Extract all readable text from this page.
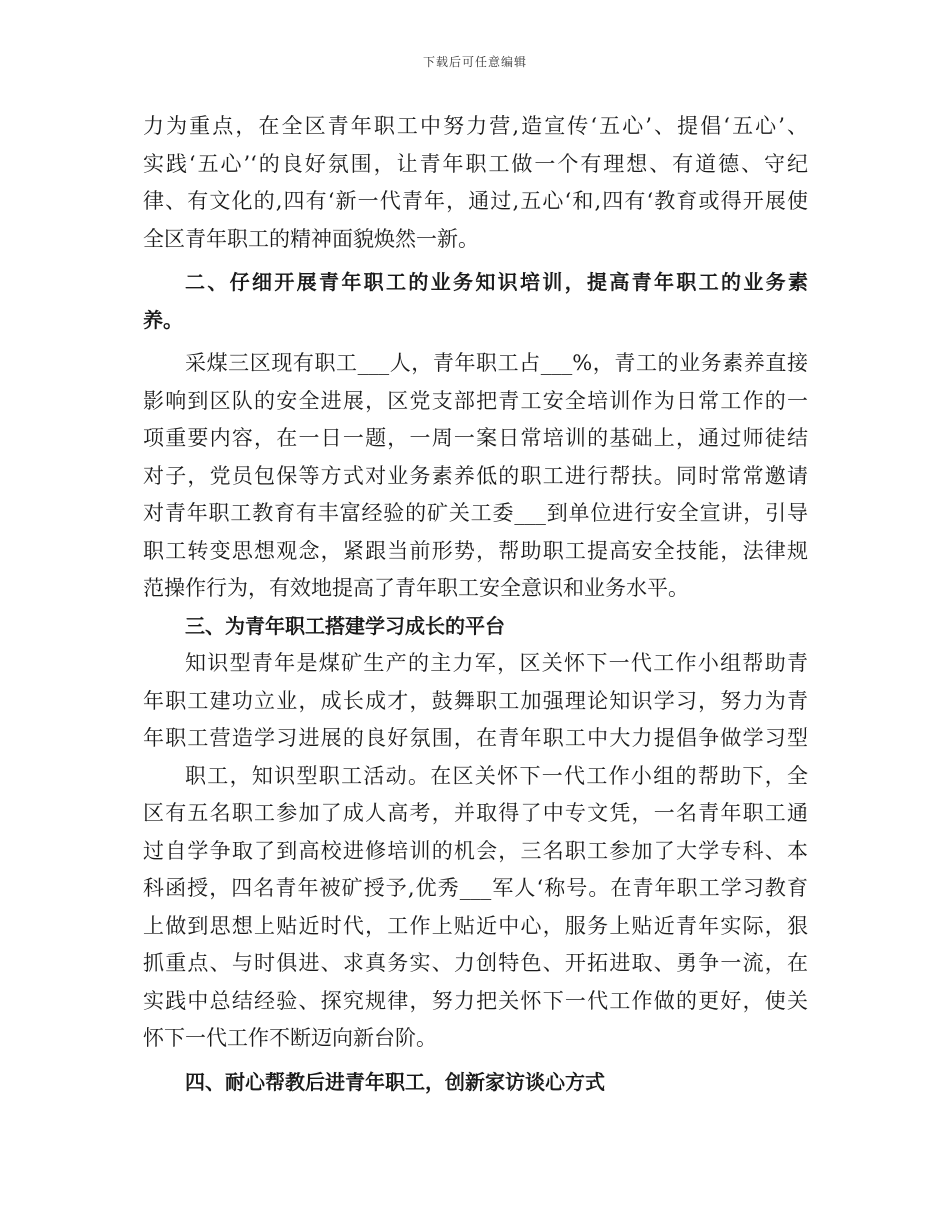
下载后可任意编辑

力为重点，在全区青年职工中努力营,造宣传‘五心’、提倡‘五心’、

实践‘五心’‘的良好氛围，让青年职工做一个有理想、有道德、守纪

律、有文化的,四有‘新一代青年，通过,五心‘和,四有‘教育或得开展使

全区青年职工的精神面貌焕然一新。

二、仔细开展青年职工的业务知识培训，提高青年职工的业务素

养。

采煤三区现有职工___人，青年职工占___%，青工的业务素养直接

影响到区队的安全进展，区党支部把青工安全培训作为日常工作的一

项重要内容，在一日一题，一周一案日常培训的基础上，通过师徒结

对子，党员包保等方式对业务素养低的职工进行帮扶。同时常常邀请

对青年职工教育有丰富经验的矿关工委___到单位进行安全宣讲，引导

职工转变思想观念，紧跟当前形势，帮助职工提高安全技能，法律规

范操作行为，有效地提高了青年职工安全意识和业务水平。

三、为青年职工搭建学习成长的平台

知识型青年是煤矿生产的主力军，区关怀下一代工作小组帮助青

年职工建功立业，成长成才，鼓舞职工加强理论知识学习，努力为青

年职工营造学习进展的良好氛围，在青年职工中大力提倡争做学习型

职工，知识型职工活动。在区关怀下一代工作小组的帮助下，全

区有五名职工参加了成人高考，并取得了中专文凭，一名青年职工通

过自学争取了到高校进修培训的机会，三名职工参加了大学专科、本

科函授，四名青年被矿授予,优秀___军人‘称号。在青年职工学习教育

上做到思想上贴近时代，工作上贴近中心，服务上贴近青年实际，狠

抓重点、与时俱进、求真务实、力创特色、开拓进取、勇争一流，在

实践中总结经验、探究规律，努力把关怀下一代工作做的更好，使关

怀下一代工作不断迈向新台阶。

四、耐心帮教后进青年职工，创新家访谈心方式
